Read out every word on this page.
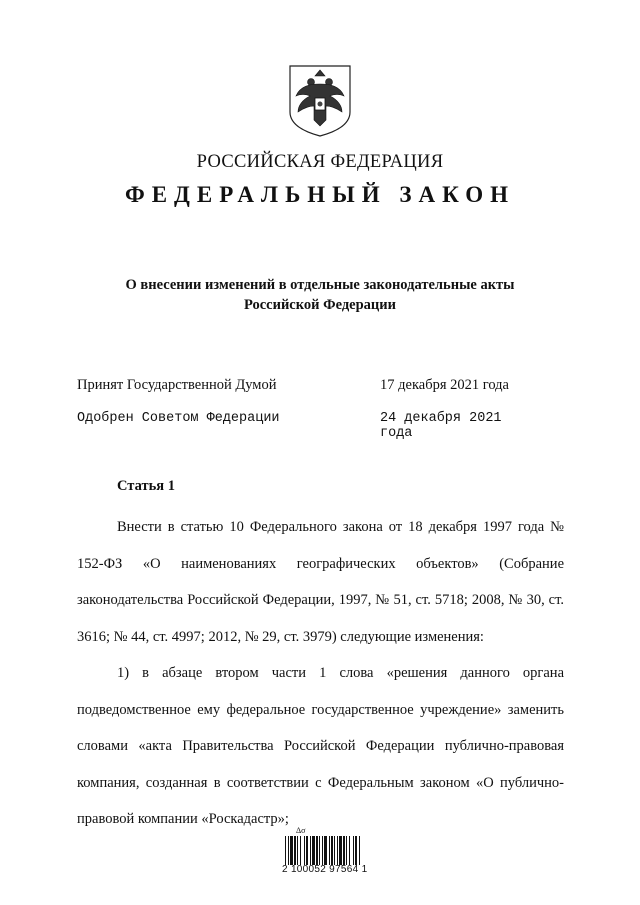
РОССИЙСКАЯ ФЕДЕРАЦИЯ
ФЕДЕРАЛЬНЫЙ ЗАКОН
О внесении изменений в отдельные законодательные акты
Российской Федерации
Принят Государственной Думой	17 декабря 2021 года
Одобрен Советом Федерации	24 декабря 2021 года
Статья 1

Внести в статью 10 Федерального закона от 18 декабря 1997 года № 152-ФЗ «О наименованиях географических объектов» (Собрание законодательства Российской Федерации, 1997, № 51, ст. 5718; 2008, № 30, ст. 3616; № 44, ст. 4997; 2012, № 29, ст. 3979) следующие изменения:

1) в абзаце втором части 1 слова «решения данного органа подведомственное ему федеральное государственное учреждение» заменить словами «акта Правительства Российской Федерации публично-правовая компания, созданная в соответствии с Федеральным законом «О публично-правовой компании «Роскадастр»;

Δσ
2 100052 97564 1
